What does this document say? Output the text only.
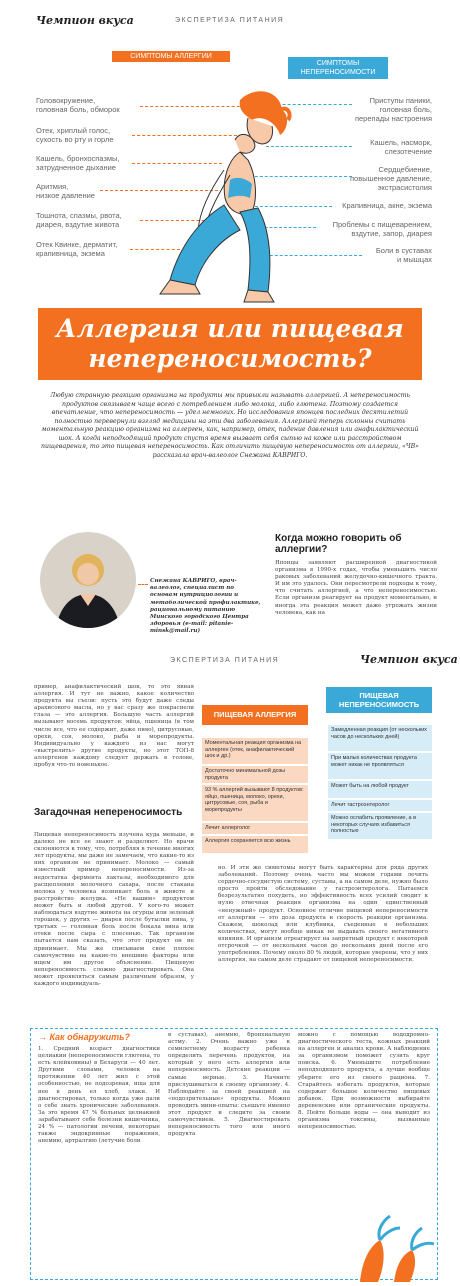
Чемпион вкуса	ЭКСПЕРТИЗА ПИТАНИЯ
СИМПТОМЫ АЛЛЕРГИИ
СИМПТОМЫ
НЕПЕРЕНОСИМОСТИ
Головокружение,
головная боль, обморок
Отек, хриплый голос,
сухость во рту и горле
Кашель, бронхоспазмы,
затрудненное дыхание
Аритмия,
низкое давление
Тошнота, спазмы, рвота,
диарея, вздутие живота
Отек Квинке, дерматит,
крапивница, экзема
Приступы паники,
головная боль,
перепады настроения
Кашель, насморк,
слезотечение
Сердцебиение,
повышенное давление,
экстрасистолия
Крапивница, акне, экзема
Проблемы с пищеварением,
вздутие, запор, диарея
Боли в суставах
и мышцах
Аллергия или пищевая
непереносимость?
Любую странную реакцию организма на продукты мы привыкли называть аллергией. А непереносимость продуктов связываем чаще всего с потреблением либо молока, либо глютена. Поэтому создается впечатление, что непереносимость — удел немногих. Но исследования японцев последних десятилетий полностью перевернули взгляд медицины на эти два заболевания. Аллергией теперь склонны считать моментальную реакцию организма на аллерген, как, например, отек, падение давления или анафилактический шок. А когда неподходящий продукт спустя время вызвает себя сыпью на коже или расстройством пищеварения, то это пищевая непереносимость. Как отличить пищевую непереносимость от аллергии, «ЧВ» рассказала врач-валеолог Снежана КАВРИГО.
Снежана КАВРИГО, врач-валеолог, специалист по основам нутрициологии и метаболической профилактике, рациональному питанию Минского городского Центра здоровья (e-mail: pitanie-minsk@mail.ru)
Когда можно говорить об аллергии?
Японцы заявляют расширенной диагностикой организма в 1990-х годах, чтобы уменьшить число раковых заболеваний желудочно-кишечного тракта. И им это удалось. Они пересмотрели подходы к тому, что считать аллергией, а что непереносимостью. Если организм реагирует на продукт моментально, и иногда эта реакция может даже угрожать жизни человека, как на
ЭКСПЕРТИЗА ПИТАНИЯ	Чемпион вкуса
пример, анафилактический шок, то это явная аллергия. И тут не важно, какое количество продукта вы съели: пусть это будут даже следы арахисового масла, но у вас сразу же покраснели глаза — это аллергия. Большую часть аллергий вызывают восемь продуктов: яйца, пшеница (в том числе все, что ее содержит, даже пиво), цитрусовые, орехи, соя, молоко, рыба и морепродукты. Индивидуально у каждого из нас могут «выстрелить» другие продукты, но этот ТОП-8 аллергенов каждому следует держать в голове, пробуя что-то новенькое.
Загадочная непереносимость
Пищевая непереносимость изучена куда меньше, и далеко не все ее знают и разделяют. Но врачи склоняются к тому, что, потребляя в течение многих лет продукты, мы даже не замечаем, что какие-то из них организм не принимает. Молоко — самый известный пример непереносимости. Из-за недостатка фермента лактазы, необходимого для расщепления молочного сахара, после стакана молока у человека возникает боль в животе и расстройство желудка. «Не вашим» продуктом может быть и любой другой. У кого-то может наблюдаться вздутие живота на огурцы или зеленый горошек, у других — диарея после бутылки пива, у третьих — головная боль после бокала вина или отеки после сыра с плесенью. Так организм пытается нам сказать, что этот продукт он не принимает. Мы же списываем свое плохое самочувствие на какие-то внешние факторы или ищем им другое объяснение. Пищевую непереносимость сложно диагностировать. Она может проявляться самым различным образом, у каждого индивидуаль-
ПИЩЕВАЯ АЛЛЕРГИЯ
ПИЩЕВАЯ
НЕПЕРЕНОСИМОСТЬ
Моментальная реакция организма на аллерген (отек, анафилактический шок и др.)
Достаточно минимальной дозы продукта
93 % аллергий вызывают 8 продуктов: яйцо, пшеница, молоко, орехи, цитрусовые, соя, рыба и морепродукты
Лечит аллерголог
Аллергия сохраняется всю жизнь
Замедленная реакция (от нескольких часов до нескольких дней)
При малых количествах продукта может никак не проявляться
Может быть на любой продукт
Лечит гастроэнтеролог
Можно ослабить проявление, а в некоторых случаях избавиться полностью
но. И эти же симптомы могут быть характерны для ряда других заболеваний. Поэтому очень часто мы можем годами лечить сердечно-сосудистую систему, суставы, а на самом деле, нужно было просто пройти обследование у гастроэнтеролога. Пытаемся безрезультатно похудеть, но эффективность всех усилий сводит к нулю отвечная реакция организма на один единственный «ненужный» продукт. Основное отличие пищевой непереносимости от аллергии — это доза продукта и скорость реакции организма. Скажем, шоколад или клубника, съеденные в небольших количествах, могут вообще никак не выдавать своего негативного влияния. И организм отреагирует на запретный продукт с некоторой отсрочкой — от нескольких часов до нескольких дней после его употребления. Почему около 80 % людей, которые уверены, что у них аллергия, на самом деле страдают от пищевой непереносимости.
→ Как обнаружить?
1. Средний возраст диагностики целиакии (непереносимости глютена, то есть клейковины) в Беларуси — 40 лет. Другими словами, человек на протяжении 40 лет жил с этой особенностью, не подозревая, ища для нее в день ел хлеб, злаки. И диагностировал, только когда уже дали о себе знать хронические заболевания. За это время 47 % больных целиакией зарабатывают себе болезни кишечника, 24 % — патологии печени, некоторые также эндокринные поражения, анемию, артралгию (летучие боли
в суставах), анемию, бронхиальную астму. 2. Очень важно уже к семилетнему возрасту ребенка определить перечень продуктов, на который у него есть аллергия или непереносимость. Детские реакции — самые верные. 3. Начните прислушиваться к своему организму. 4. Наблюдайте за своей реакцией на «подозрительные» продукты. Можно проводить мини-опыты: съешьте именно этот продукт и следите за своим самочувствием. 5. Диагностировать непереносимость того или иного продукта
можно с помощью вододромно-диагностического теста, кожных реакций на аллерген и анализ крови. А наблюдение за организмом поможет сузить круг поиска. 6. Уменьшите потребление неподходящего продукта, а лучше вообще уберите его из своего рациона. 7. Старайтесь избегать продуктов, которые содержат большое количество пищевых добавок. При возможности выбирайте деревенские или органические продукты. 8. Пейте больше воды — она выводит из организма токсины, вызванные непереносимостью.
